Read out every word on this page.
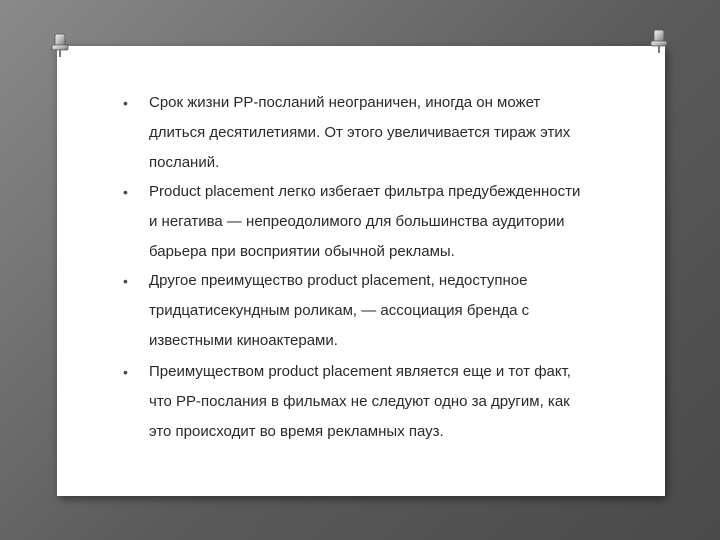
• Срок жизни PP-посланий неограничен, иногда он может
длиться десятилетиями. От этого увеличивается тираж этих
посланий.

• Product placement легко избегает фильтра предубежденности
и негатива — непреодолимого для большинства аудитории
барьера при восприятии обычной рекламы.

• Другое преимущество product placement, недоступное
тридцатисекундным роликам, — ассоциация бренда с
известными киноактерами.

• Преимуществом product placement является еще и тот факт,
что PP-послания в фильмах не следуют одно за другим, как
это происходит во время рекламных пауз.
